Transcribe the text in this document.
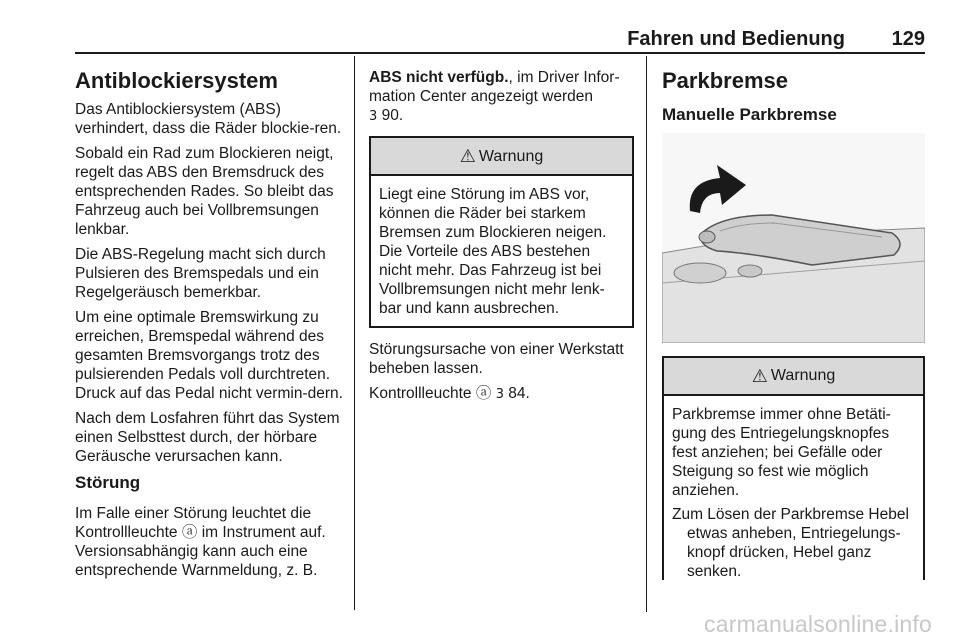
Fahren und Bedienung 129
Antiblockiersystem

Das Antiblockiersystem (ABS) verhindert, dass die Räder blockie-ren.

Sobald ein Rad zum Blockieren neigt, regelt das ABS den Bremsdruck des entsprechenden Rades. So bleibt das Fahrzeug auch bei Vollbremsungen lenkbar.

Die ABS-Regelung macht sich durch Pulsieren des Bremspedals und ein Regelgeräusch bemerkbar.

Um eine optimale Bremswirkung zu erreichen, Bremspedal während des gesamten Bremsvorgangs trotz des pulsierenden Pedals voll durchtreten. Druck auf das Pedal nicht vermin-dern.

Nach dem Losfahren führt das System einen Selbsttest durch, der hörbare Geräusche verursachen kann.

Störung

Im Falle einer Störung leuchtet die Kontrollleuchte ⓐ im Instrument auf. Versionsabhängig kann auch eine entsprechende Warnmeldung, z. B.

ABS nicht verfügb., im Driver Infor-mation Center angezeigt werden
3 90.

⚠ Warnung

Liegt eine Störung im ABS vor, können die Räder bei starkem Bremsen zum Blockieren neigen. Die Vorteile des ABS bestehen nicht mehr. Das Fahrzeug ist bei Vollbremsungen nicht mehr lenk-bar und kann ausbrechen.

Störungsursache von einer Werkstatt beheben lassen.

Kontrollleuchte ⓐ 3 84.

Parkbremse
Manuelle Parkbremse
⚠ Warnung

Parkbremse immer ohne Betäti-gung des Entriegelungsknopfes fest anziehen; bei Gefälle oder Steigung so fest wie möglich anziehen.

Zum Lösen der Parkbremse Hebel etwas anheben, Entriegelungs-knopf drücken, Hebel ganz senken.

carmanualsonline.info
